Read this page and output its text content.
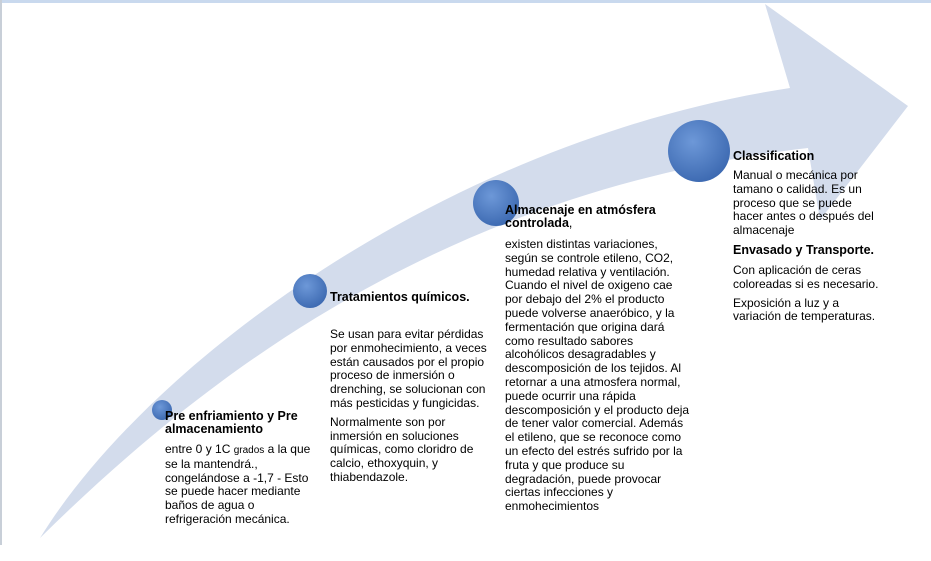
Pre enfriamiento y Pre almacenamiento

entre 0 y 1C grados a la que se la mantendrá., congelándose a -1,7 - Esto se puede hacer mediante baños de agua o refrigeración mecánica.

Tratamientos químicos.

Se usan para evitar pérdidas por enmohecimiento, a veces están causados por el propio proceso de inmersión o drenching, se solucionan con más pesticidas y fungicidas.

Normalmente son por inmersión en soluciones químicas, como cloridro de calcio, ethoxyquin, y thiabendazole.

Almacenaje en atmósfera controlada,

existen distintas variaciones, según se controle etileno, CO2, humedad relativa y ventilación. Cuando el nivel de oxigeno cae por debajo del 2% el producto puede volverse anaeróbico, y la fermentación que origina dará como resultado sabores alcohólicos desagradables y descomposición de los tejidos. Al retornar a una atmosfera normal, puede ocurrir una rápida descomposición y el producto deja de tener valor comercial. Además el etileno, que se reconoce como un efecto del estrés sufrido por la fruta y que produce su degradación, puede provocar ciertas infecciones y enmohecimientos

Classification

Manual o mecánica por tamano o calidad. Es un proceso que se puede hacer antes o después del almacenaje

Envasado y Transporte.

Con aplicación de ceras coloreadas si es necesario.

Exposición a luz y a variación de temperaturas.
